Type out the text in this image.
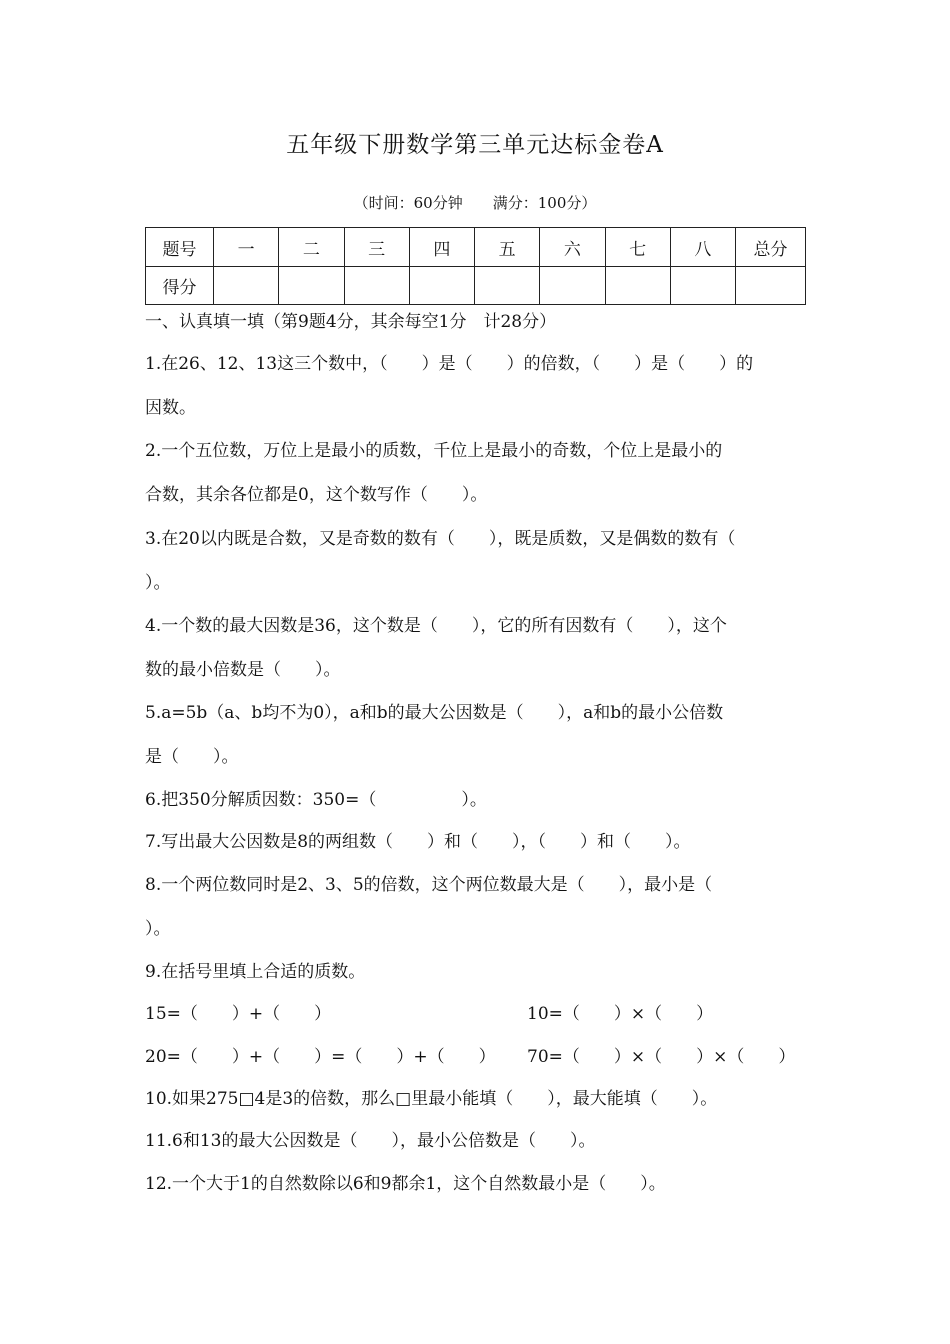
五年级下册数学第三单元达标金卷A
（时间：60分钟　　满分：100分）
题号	一	二	三	四	五	六	七	八	总分
得分									
一、认真填一填（第9题4分，其余每空1分　计28分）
1.在26、12、13这三个数中，（　　）是（　　）的倍数，（　　）是（　　）的
因数。
2.一个五位数，万位上是最小的质数，千位上是最小的奇数，个位上是最小的
合数，其余各位都是0，这个数写作（　　）。
3.在20以内既是合数，又是奇数的数有（　　），既是质数，又是偶数的数有（
）。
4.一个数的最大因数是36，这个数是（　　），它的所有因数有（　　），这个
数的最小倍数是（　　）。
5.a=5b（a、b均不为0），a和b的最大公因数是（　　），a和b的最小公倍数
是（　　）。
6.把350分解质因数：350=（　　　　　）。
7.写出最大公因数是8的两组数（　　）和（　　），（　　）和（　　）。
8.一个两位数同时是2、3、5的倍数，这个两位数最大是（　　），最小是（
）。
9.在括号里填上合适的质数。
15=（　　）+（　　）	10=（　　）×（　　）
20=（　　）+（　　）=（　　）+（　　）	70=（　　）×（　　）×（　　）
10.如果275□4是3的倍数，那么□里最小能填（　　），最大能填（　　）。
11.6和13的最大公因数是（　　），最小公倍数是（　　）。
12.一个大于1的自然数除以6和9都余1，这个自然数最小是（　　）。
